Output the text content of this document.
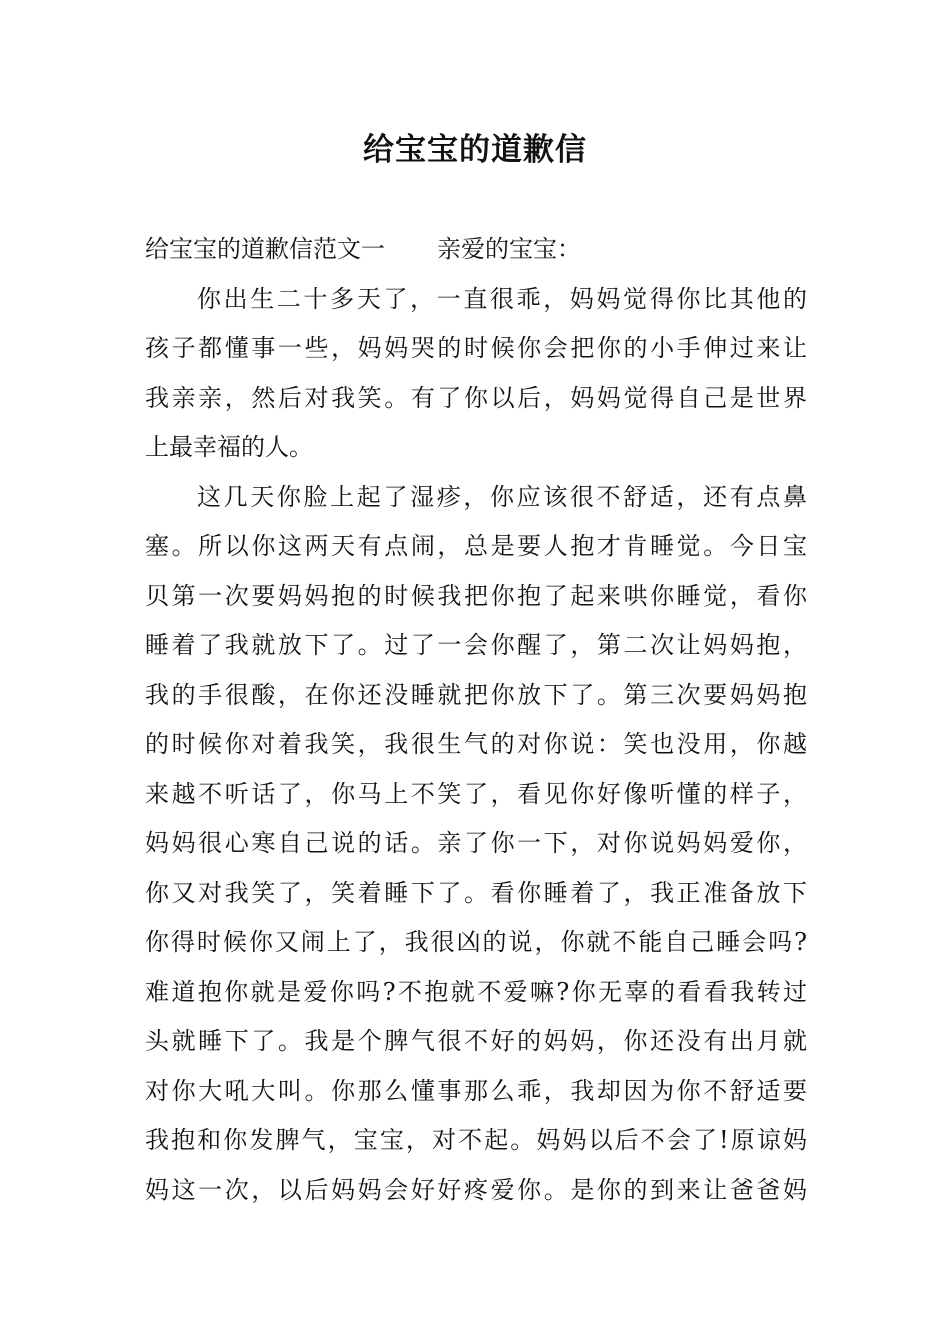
给宝宝的道歉信
给宝宝的道歉信范文一 亲爱的宝宝：
你出生二十多天了，一直很乖，妈妈觉得你比其他的
孩子都懂事一些，妈妈哭的时候你会把你的小手伸过来让
我亲亲，然后对我笑。有了你以后，妈妈觉得自己是世界
上最幸福的人。
这几天你脸上起了湿疹，你应该很不舒适，还有点鼻
塞。所以你这两天有点闹，总是要人抱才肯睡觉。今日宝
贝第一次要妈妈抱的时候我把你抱了起来哄你睡觉，看你
睡着了我就放下了。过了一会你醒了，第二次让妈妈抱，
我的手很酸，在你还没睡就把你放下了。第三次要妈妈抱
的时候你对着我笑，我很生气的对你说：笑也没用，你越
来越不听话了，你马上不笑了，看见你好像听懂的样子，
妈妈很心寒自己说的话。亲了你一下，对你说妈妈爱你，
你又对我笑了，笑着睡下了。看你睡着了，我正准备放下
你得时候你又闹上了，我很凶的说，你就不能自己睡会吗?
难道抱你就是爱你吗?不抱就不爱嘛?你无辜的看看我转过
头就睡下了。我是个脾气很不好的妈妈，你还没有出月就
对你大吼大叫。你那么懂事那么乖，我却因为你不舒适要
我抱和你发脾气，宝宝，对不起。妈妈以后不会了!原谅妈
妈这一次，以后妈妈会好好疼爱你。是你的到来让爸爸妈
